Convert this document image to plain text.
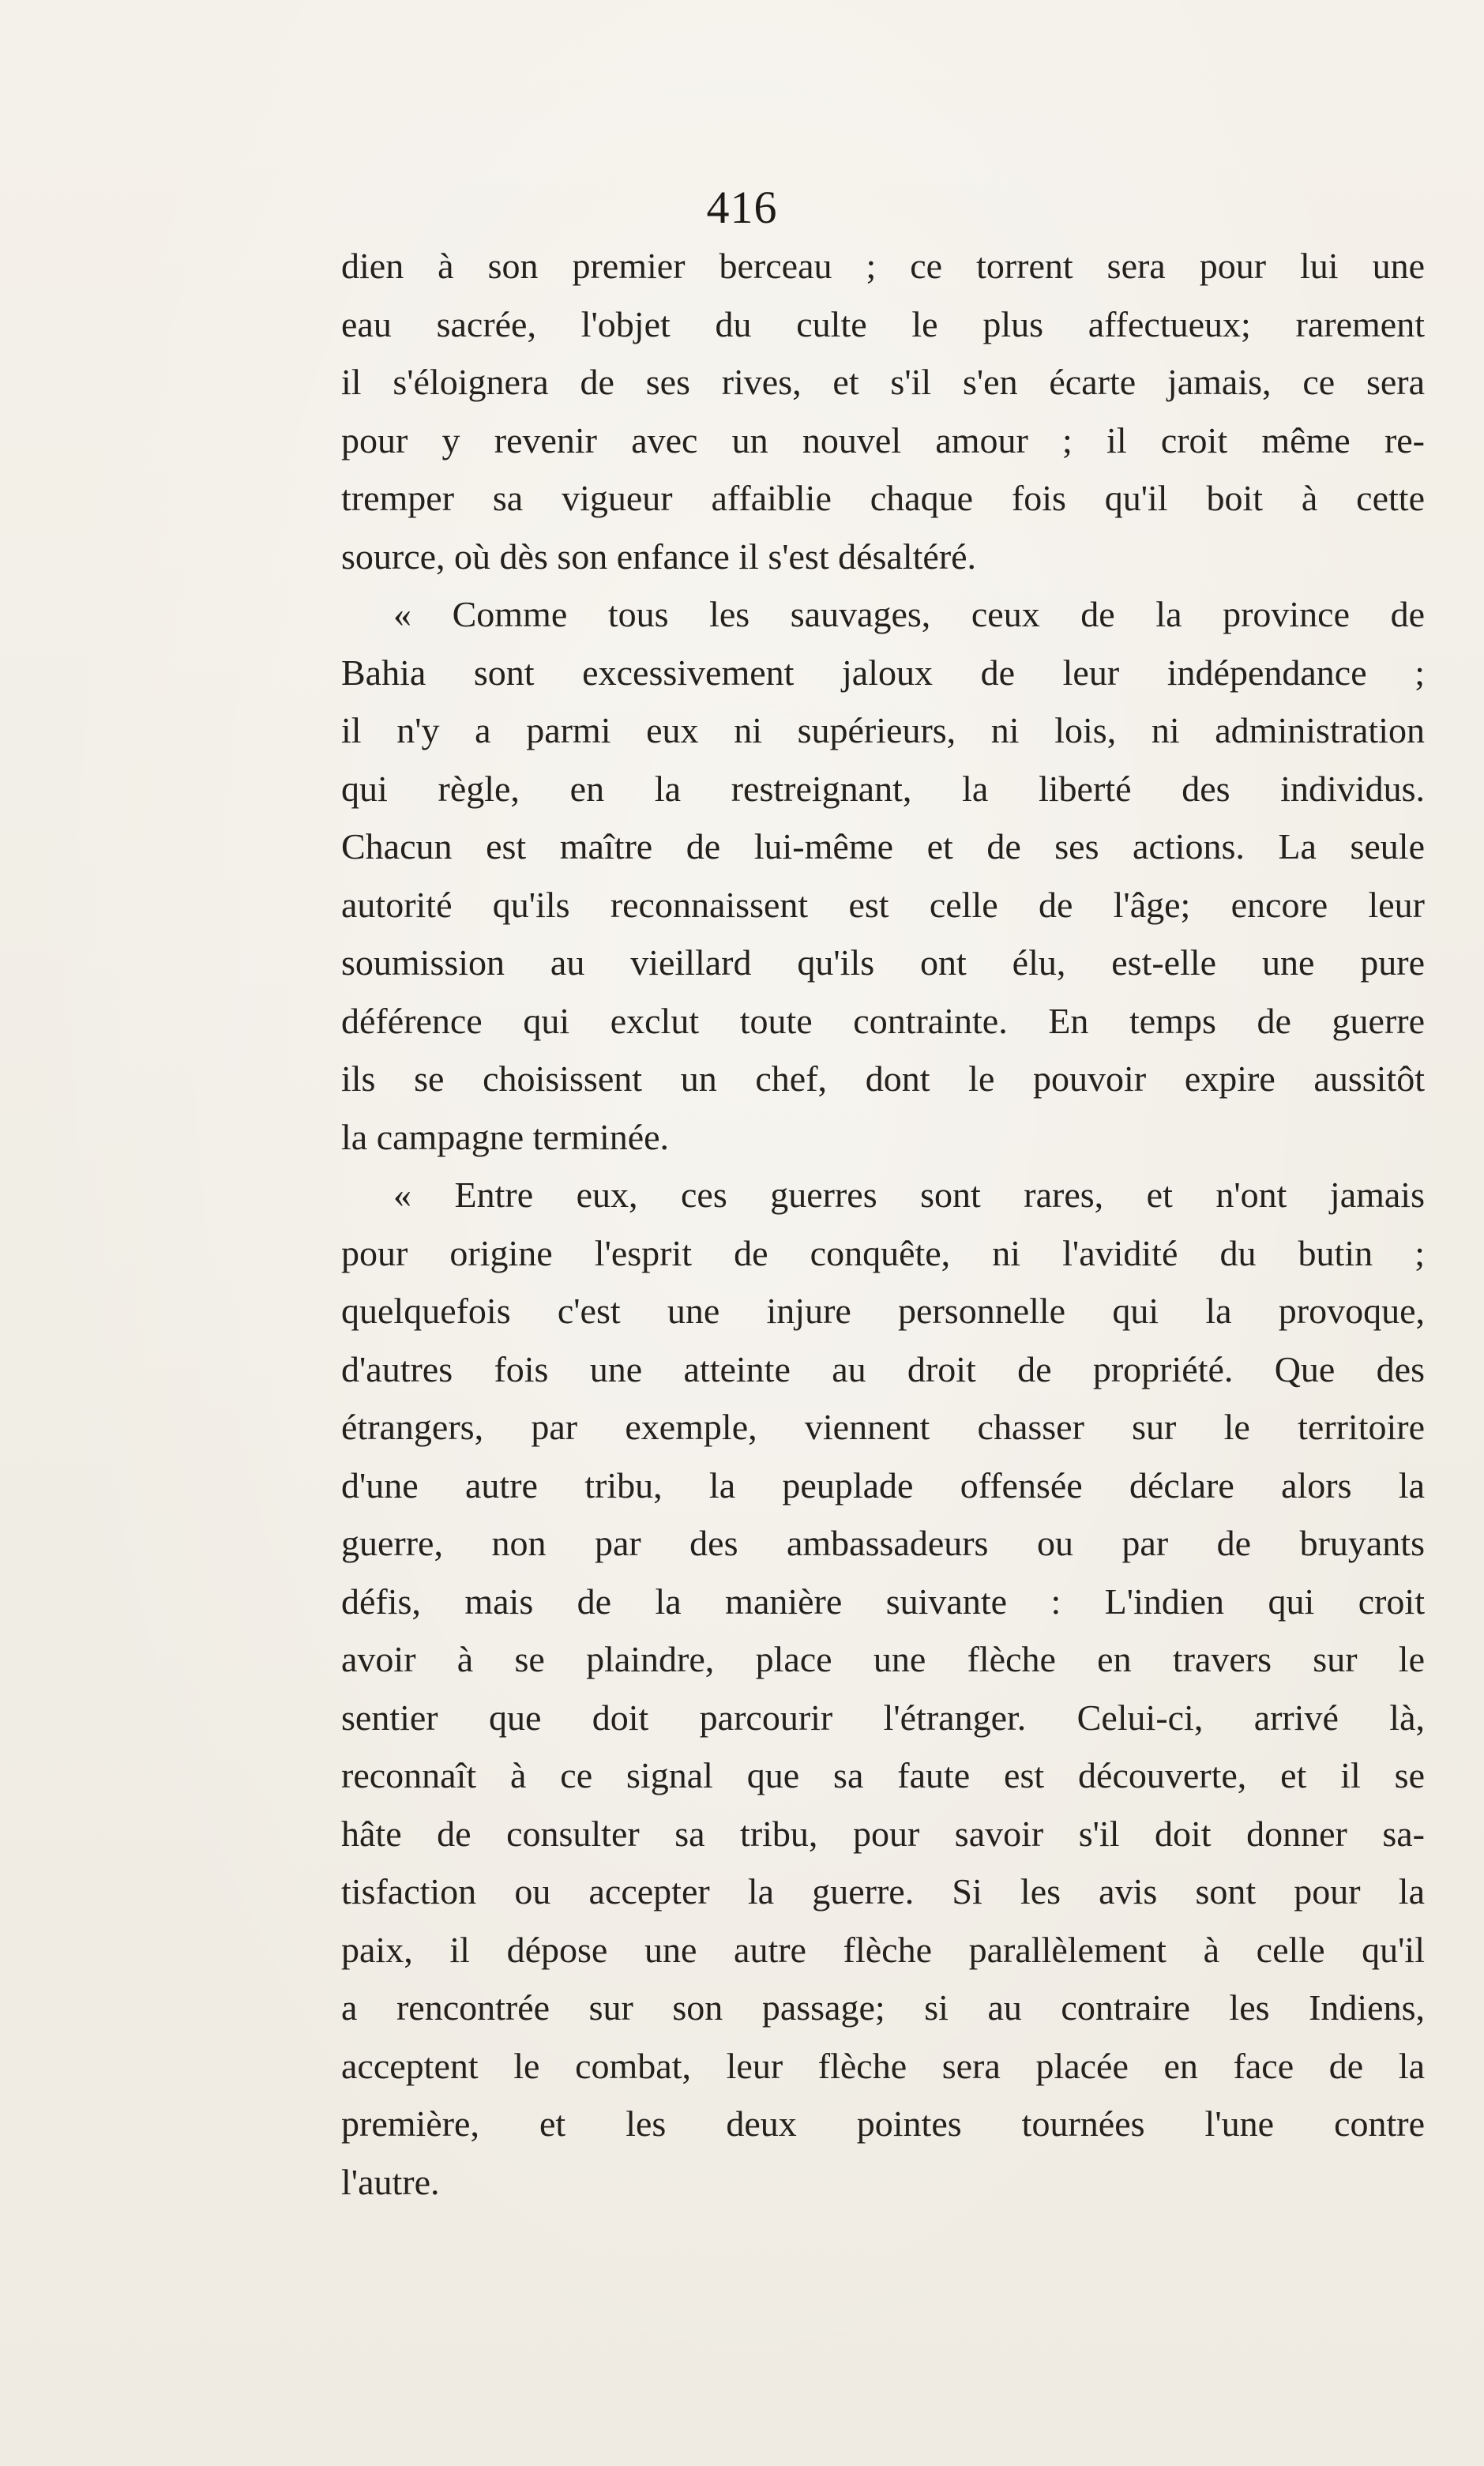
416
dien à son premier berceau ; ce torrent sera pour lui une
eau sacrée, l'objet du culte le plus affectueux; rarement
il s'éloignera de ses rives, et s'il s'en écarte jamais, ce sera
pour y revenir avec un nouvel amour ; il croit même re-
tremper sa vigueur affaiblie chaque fois qu'il boit à cette
source, où dès son enfance il s'est désaltéré.
« Comme tous les sauvages, ceux de la province de
Bahia sont excessivement jaloux de leur indépendance ;
il n'y a parmi eux ni supérieurs, ni lois, ni administration
qui règle, en la restreignant, la liberté des individus.
Chacun est maître de lui-même et de ses actions. La seule
autorité qu'ils reconnaissent est celle de l'âge; encore leur
soumission au vieillard qu'ils ont élu, est-elle une pure
déférence qui exclut toute contrainte. En temps de guerre
ils se choisissent un chef, dont le pouvoir expire aussitôt
la campagne terminée.
« Entre eux, ces guerres sont rares, et n'ont jamais
pour origine l'esprit de conquête, ni l'avidité du butin ;
quelquefois c'est une injure personnelle qui la provoque,
d'autres fois une atteinte au droit de propriété. Que des
étrangers, par exemple, viennent chasser sur le territoire
d'une autre tribu, la peuplade offensée déclare alors la
guerre, non par des ambassadeurs ou par de bruyants
défis, mais de la manière suivante : L'indien qui croit
avoir à se plaindre, place une flèche en travers sur le
sentier que doit parcourir l'étranger. Celui-ci, arrivé là,
reconnaît à ce signal que sa faute est découverte, et il se
hâte de consulter sa tribu, pour savoir s'il doit donner sa-
tisfaction ou accepter la guerre. Si les avis sont pour la
paix, il dépose une autre flèche parallèlement à celle qu'il
a rencontrée sur son passage; si au contraire les Indiens,
acceptent le combat, leur flèche sera placée en face de la
première, et les deux pointes tournées l'une contre
l'autre.
